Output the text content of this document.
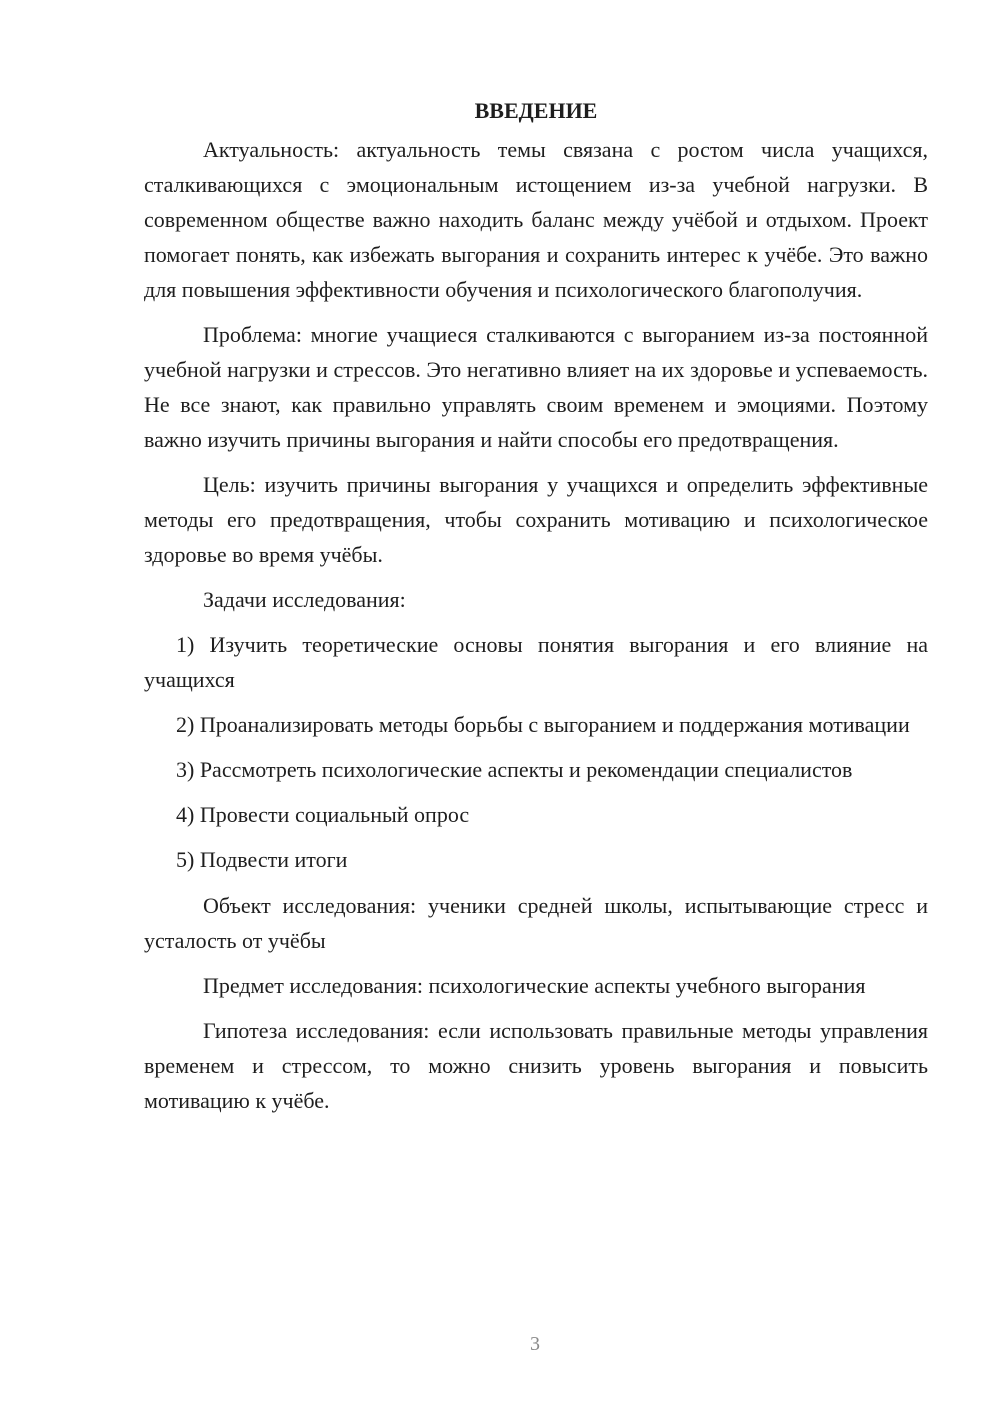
ВВЕДЕНИЕ

Актуальность: актуальность темы связана с ростом числа учащихся, сталкивающихся с эмоциональным истощением из-за учебной нагрузки. В современном обществе важно находить баланс между учёбой и отдыхом. Проект помогает понять, как избежать выгорания и сохранить интерес к учёбе. Это важно для повышения эффективности обучения и психологического благополучия.

Проблема: многие учащиеся сталкиваются с выгоранием из-за постоянной учебной нагрузки и стрессов. Это негативно влияет на их здоровье и успеваемость. Не все знают, как правильно управлять своим временем и эмоциями. Поэтому важно изучить причины выгорания и найти способы его предотвращения.

Цель: изучить причины выгорания у учащихся и определить эффективные методы его предотвращения, чтобы сохранить мотивацию и психологическое здоровье во время учёбы.

Задачи исследования:

1) Изучить теоретические основы понятия выгорания и его влияние на учащихся

2) Проанализировать методы борьбы с выгоранием и поддержания мотивации

3) Рассмотреть психологические аспекты и рекомендации специалистов

4) Провести социальный опрос

5) Подвести итоги

Объект исследования: ученики средней школы, испытывающие стресс и усталость от учёбы

Предмет исследования: психологические аспекты учебного выгорания

Гипотеза исследования: если использовать правильные методы управления временем и стрессом, то можно снизить уровень выгорания и повысить мотивацию к учёбе.

3
